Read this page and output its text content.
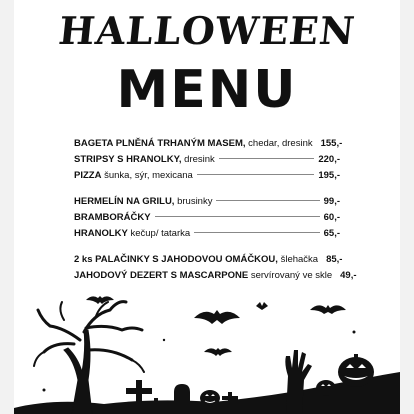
HALLOWEEN
MENU
BAGETA PLNĚNÁ TRHANÝM MASEM, chedar, dresink 155,-
STRIPSY S HRANOLKY, dresink	220,-
PIZZA šunka, sýr, mexicana	195,-
HERMELÍN NA GRILU, brusinky	99,-
BRAMBORÁČKY	60,-
HRANOLKY kečup/ tatarka	65,-
2 ks PALAČINKY S JAHODOVOU OMÁČKOU, šlehačka 85,-
JAHODOVÝ DEZERT S MASCARPONE servírovaný ve skle 49,-
